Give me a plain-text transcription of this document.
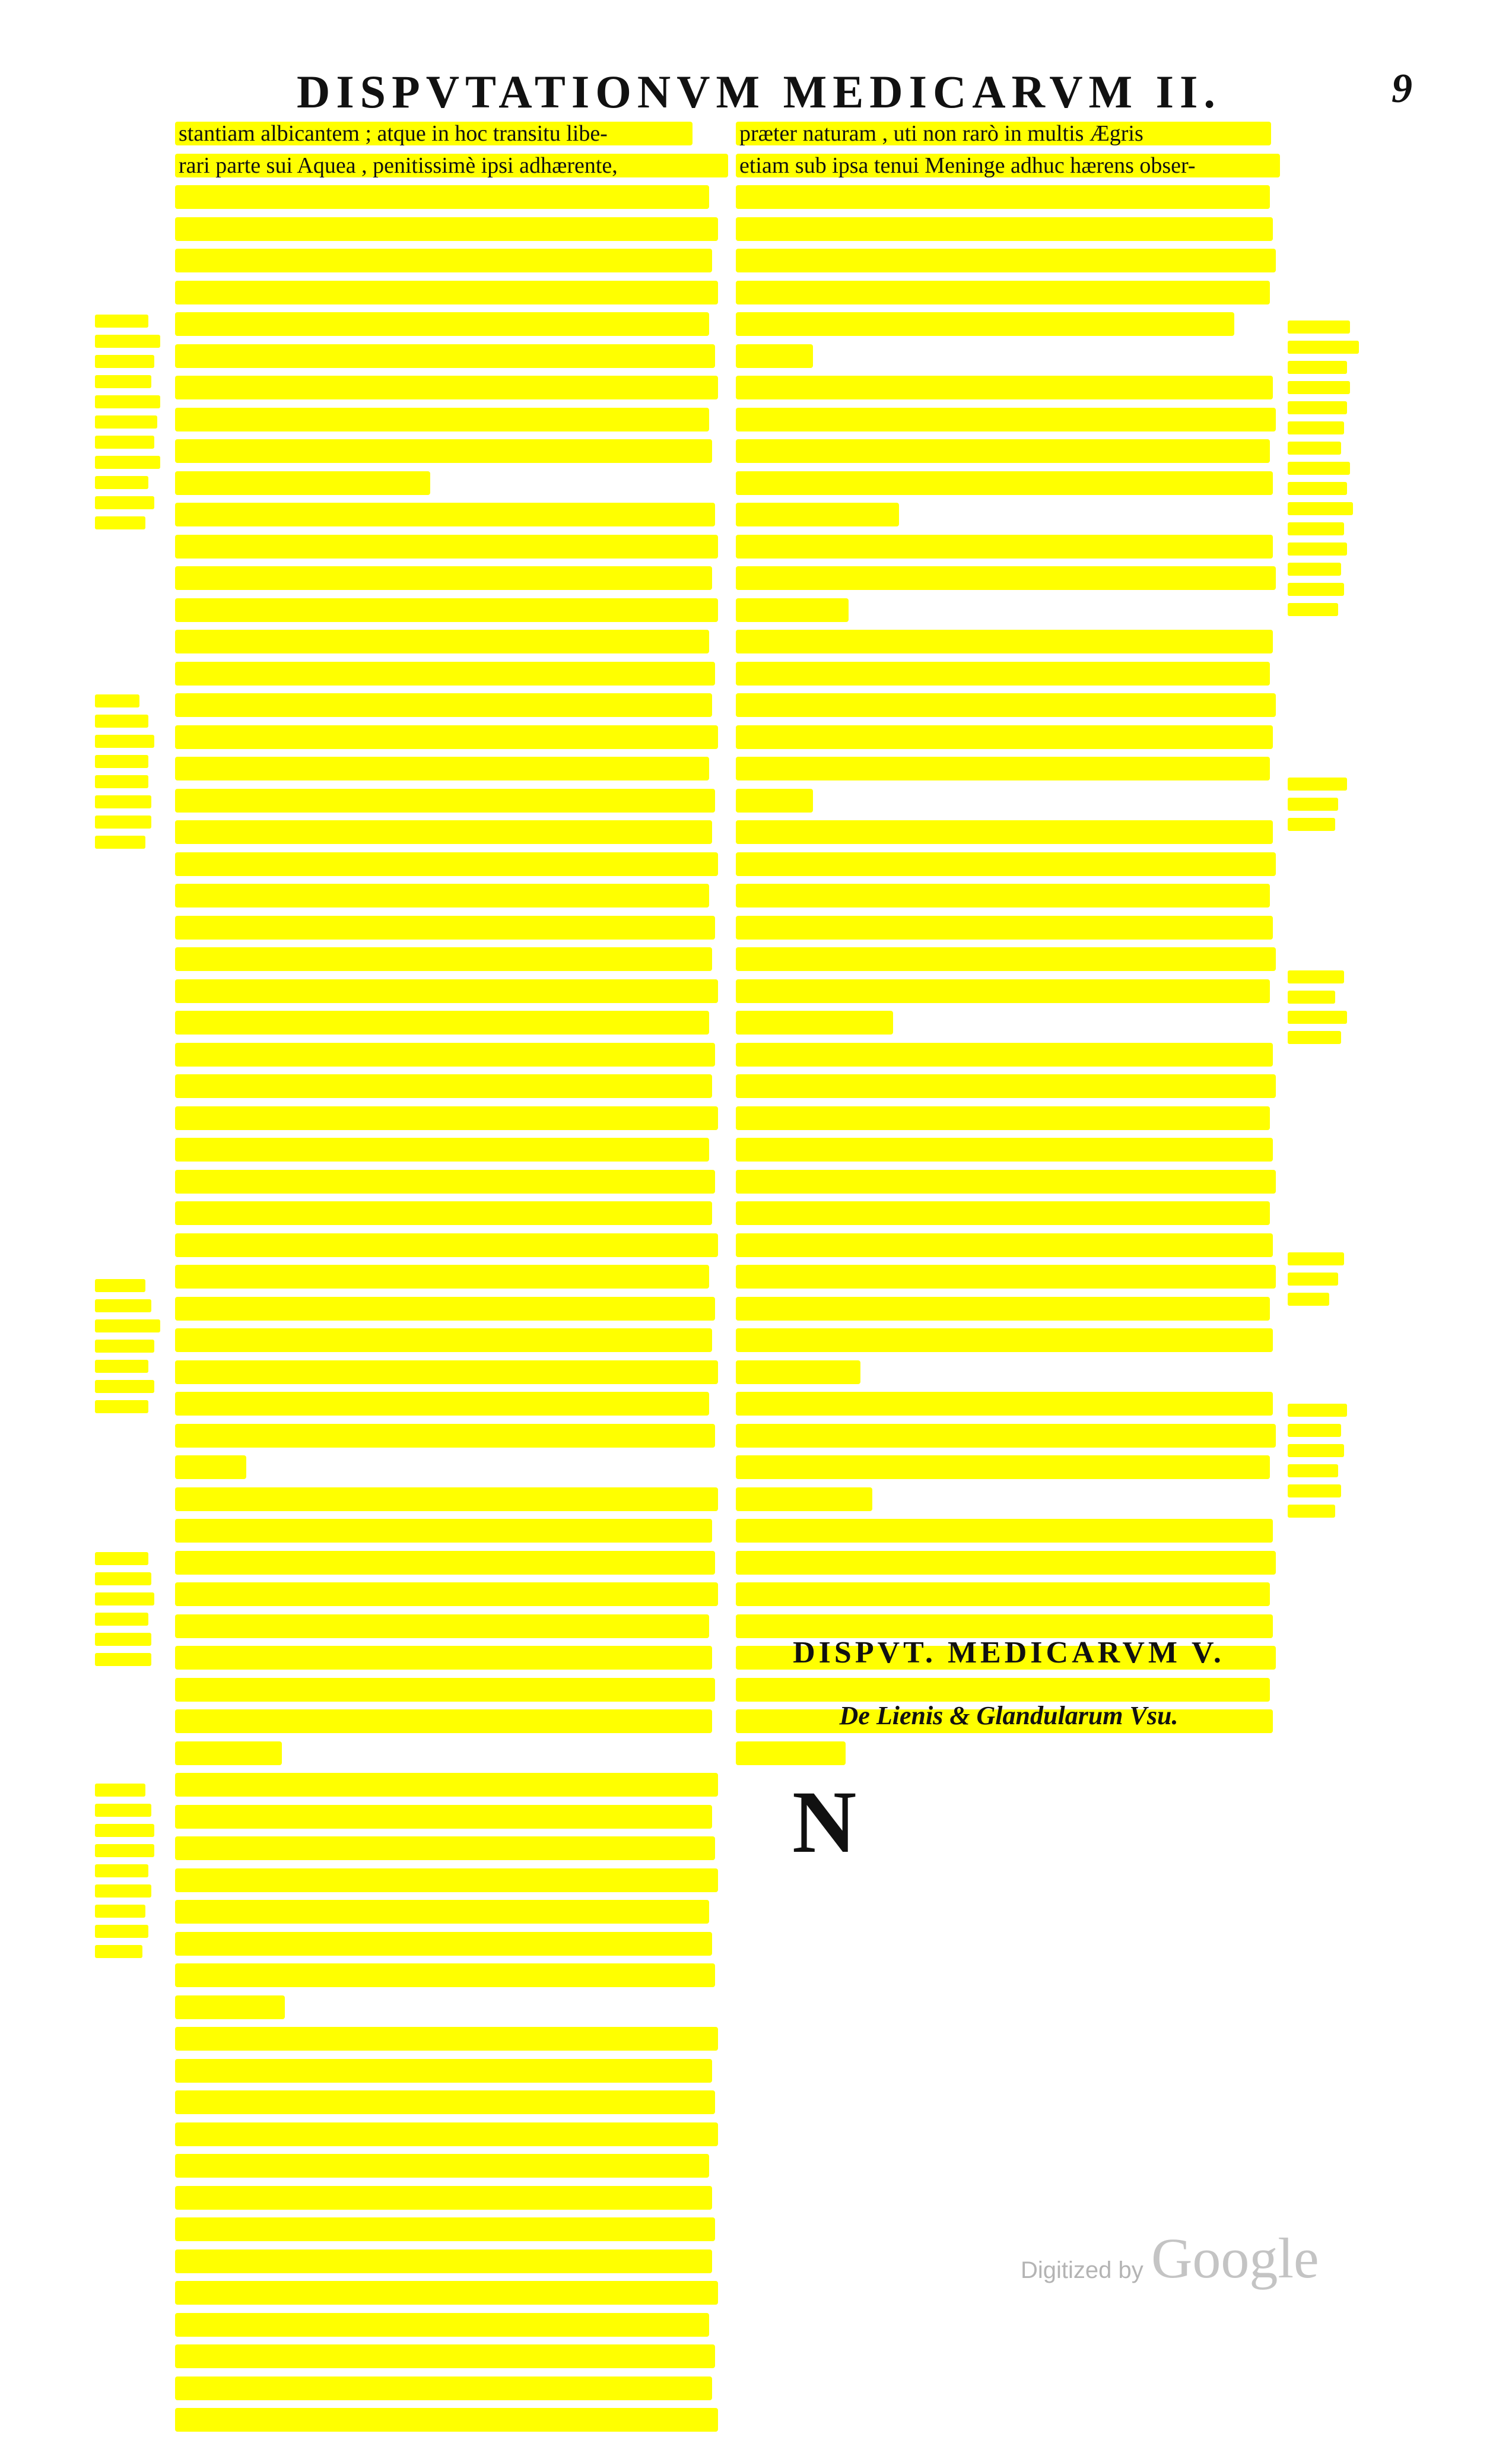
DISPVTATIONVM MEDICARVM II.	9
stantiam albicantem ; atque in hoc transitu libe-
rari parte sui Aquea , penitissimè ipsi adhærente,
præter naturam , uti non rarò in multis Ægris
etiam sub ipsa tenui Meninge adhuc hærens obser-
DISPVT. MEDICARVM V.
De Lienis & Glandularum Vsu.
N
Digitized by Google
